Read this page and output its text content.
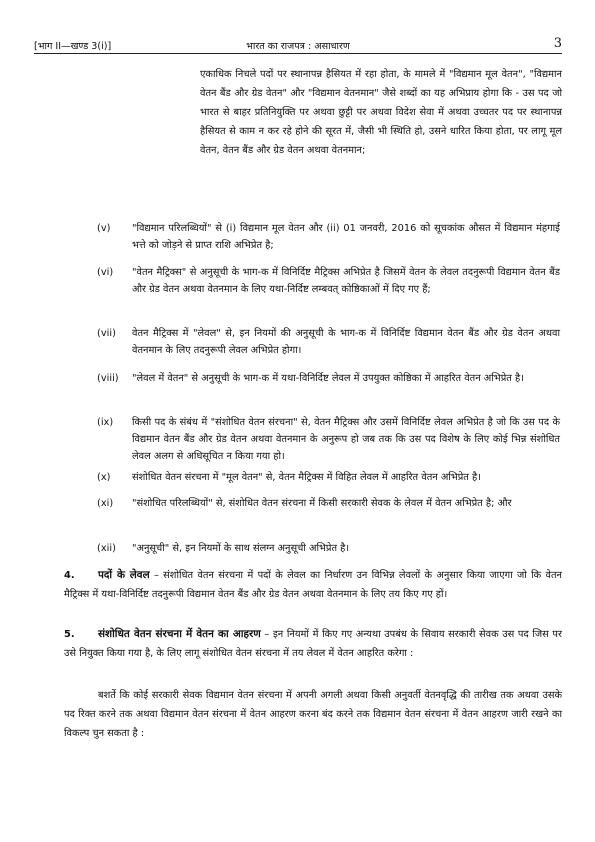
[भाग II—खण्ड 3(i)]	भारत का राजपत्र : असाधारण	3

एकाधिक निचले पदों पर स्थानापन्न हैसियत में रहा होता, के मामले में "विद्यमान मूल वेतन", "विद्यमान वेतन बैंड और ग्रेड वेतन" और "विद्यमान वेतनमान" जैसे शब्दों का यह अभिप्राय होगा कि - उस पद जो भारत से बाहर प्रतिनियुक्ति पर अथवा छुट्टी पर अथवा विदेश सेवा में अथवा उच्चतर पद पर स्थानापन्न हैसियत से काम न कर रहे होने की सूरत में, जैसी भी स्थिति हो, उसने धारित किया होता, पर लागू मूल वेतन, वेतन बैंड और ग्रेड वेतन अथवा वेतनमान;

(v) "विद्यमान परिलब्धियों" से (i) विद्यमान मूल वेतन और (ii) 01 जनवरी, 2016 को सूचकांक औसत में विद्यमान मंहगाई भत्ते को जोड़ने से प्राप्त राशि अभिप्रेत है;

(vi) "वेतन मैट्रिक्स" से अनुसूची के भाग-क में विनिर्दिष्ट मैट्रिक्स अभिप्रेत है जिसमें वेतन के लेवल तदनुरूपी विद्यमान वेतन बैंड और ग्रेड वेतन अथवा वेतनमान के लिए यथा-निर्दिष्ट लम्बवत् कोष्ठिकाओं में दिए गए हैं;

(vii) वेतन मैट्रिक्स में "लेवल" से, इन नियमों की अनुसूची के भाग-क में विनिर्दिष्ट विद्यमान वेतन बैंड और ग्रेड वेतन अथवा वेतनमान के लिए तदनुरूपी लेवल अभिप्रेत होगा।

(viii) "लेवल में वेतन" से अनुसूची के भाग-क में यथा-विनिर्दिष्ट लेवल में उपयुक्त कोष्ठिका में आहरित वेतन अभिप्रेत है।

(ix) किसी पद के संबंध में "संशोधित वेतन संरचना" से, वेतन मैट्रिक्स और उसमें विनिर्दिष्ट लेवल अभिप्रेत है जो कि उस पद के विद्यमान वेतन बैंड और ग्रेड वेतन अथवा वेतनमान के अनुरूप हो जब तक कि उस पद विशेष के लिए कोई भिन्न संशोधित लेवल अलग से अधिसूचित न किया गया हो।

(x) संशोधित वेतन संरचना में "मूल वेतन" से, वेतन मैट्रिक्स में विहित लेवल में आहरित वेतन अभिप्रेत है।

(xi) "संशोधित परिलब्धियों" से, संशोधित वेतन संरचना में किसी सरकारी सेवक के लेवल में वेतन अभिप्रेत है; और

(xii) "अनुसूची" से, इन नियमों के साथ संलग्न अनुसूची अभिप्रेत है।

4. पदों के लेवल – संशोधित वेतन संरचना में पदों के लेवल का निर्धारण उन विभिन्न लेवलों के अनुसार किया जाएगा जो कि वेतन मैट्रिक्स में यथा-विनिर्दिष्ट तदनुरूपी विद्यमान वेतन बैंड और ग्रेड वेतन अथवा वेतनमान के लिए तय किए गए हों।

5. संशोधित वेतन संरचना में वेतन का आहरण – इन नियमों में किए गए अन्यथा उपबंध के सिवाय सरकारी सेवक उस पद जिस पर उसे नियुक्त किया गया है, के लिए लागू संशोधित वेतन संरचना में तय लेवल में वेतन आहरित करेगा :

बशर्ते कि कोई सरकारी सेवक विद्यमान वेतन संरचना में अपनी अगली अथवा किसी अनुवर्ती वेतनवृद्धि की तारीख तक अथवा उसके पद रिक्त करने तक अथवा विद्यमान वेतन संरचना में वेतन आहरण करना बंद करने तक विद्यमान वेतन संरचना में वेतन आहरण जारी रखने का विकल्प चुन सकता है :
